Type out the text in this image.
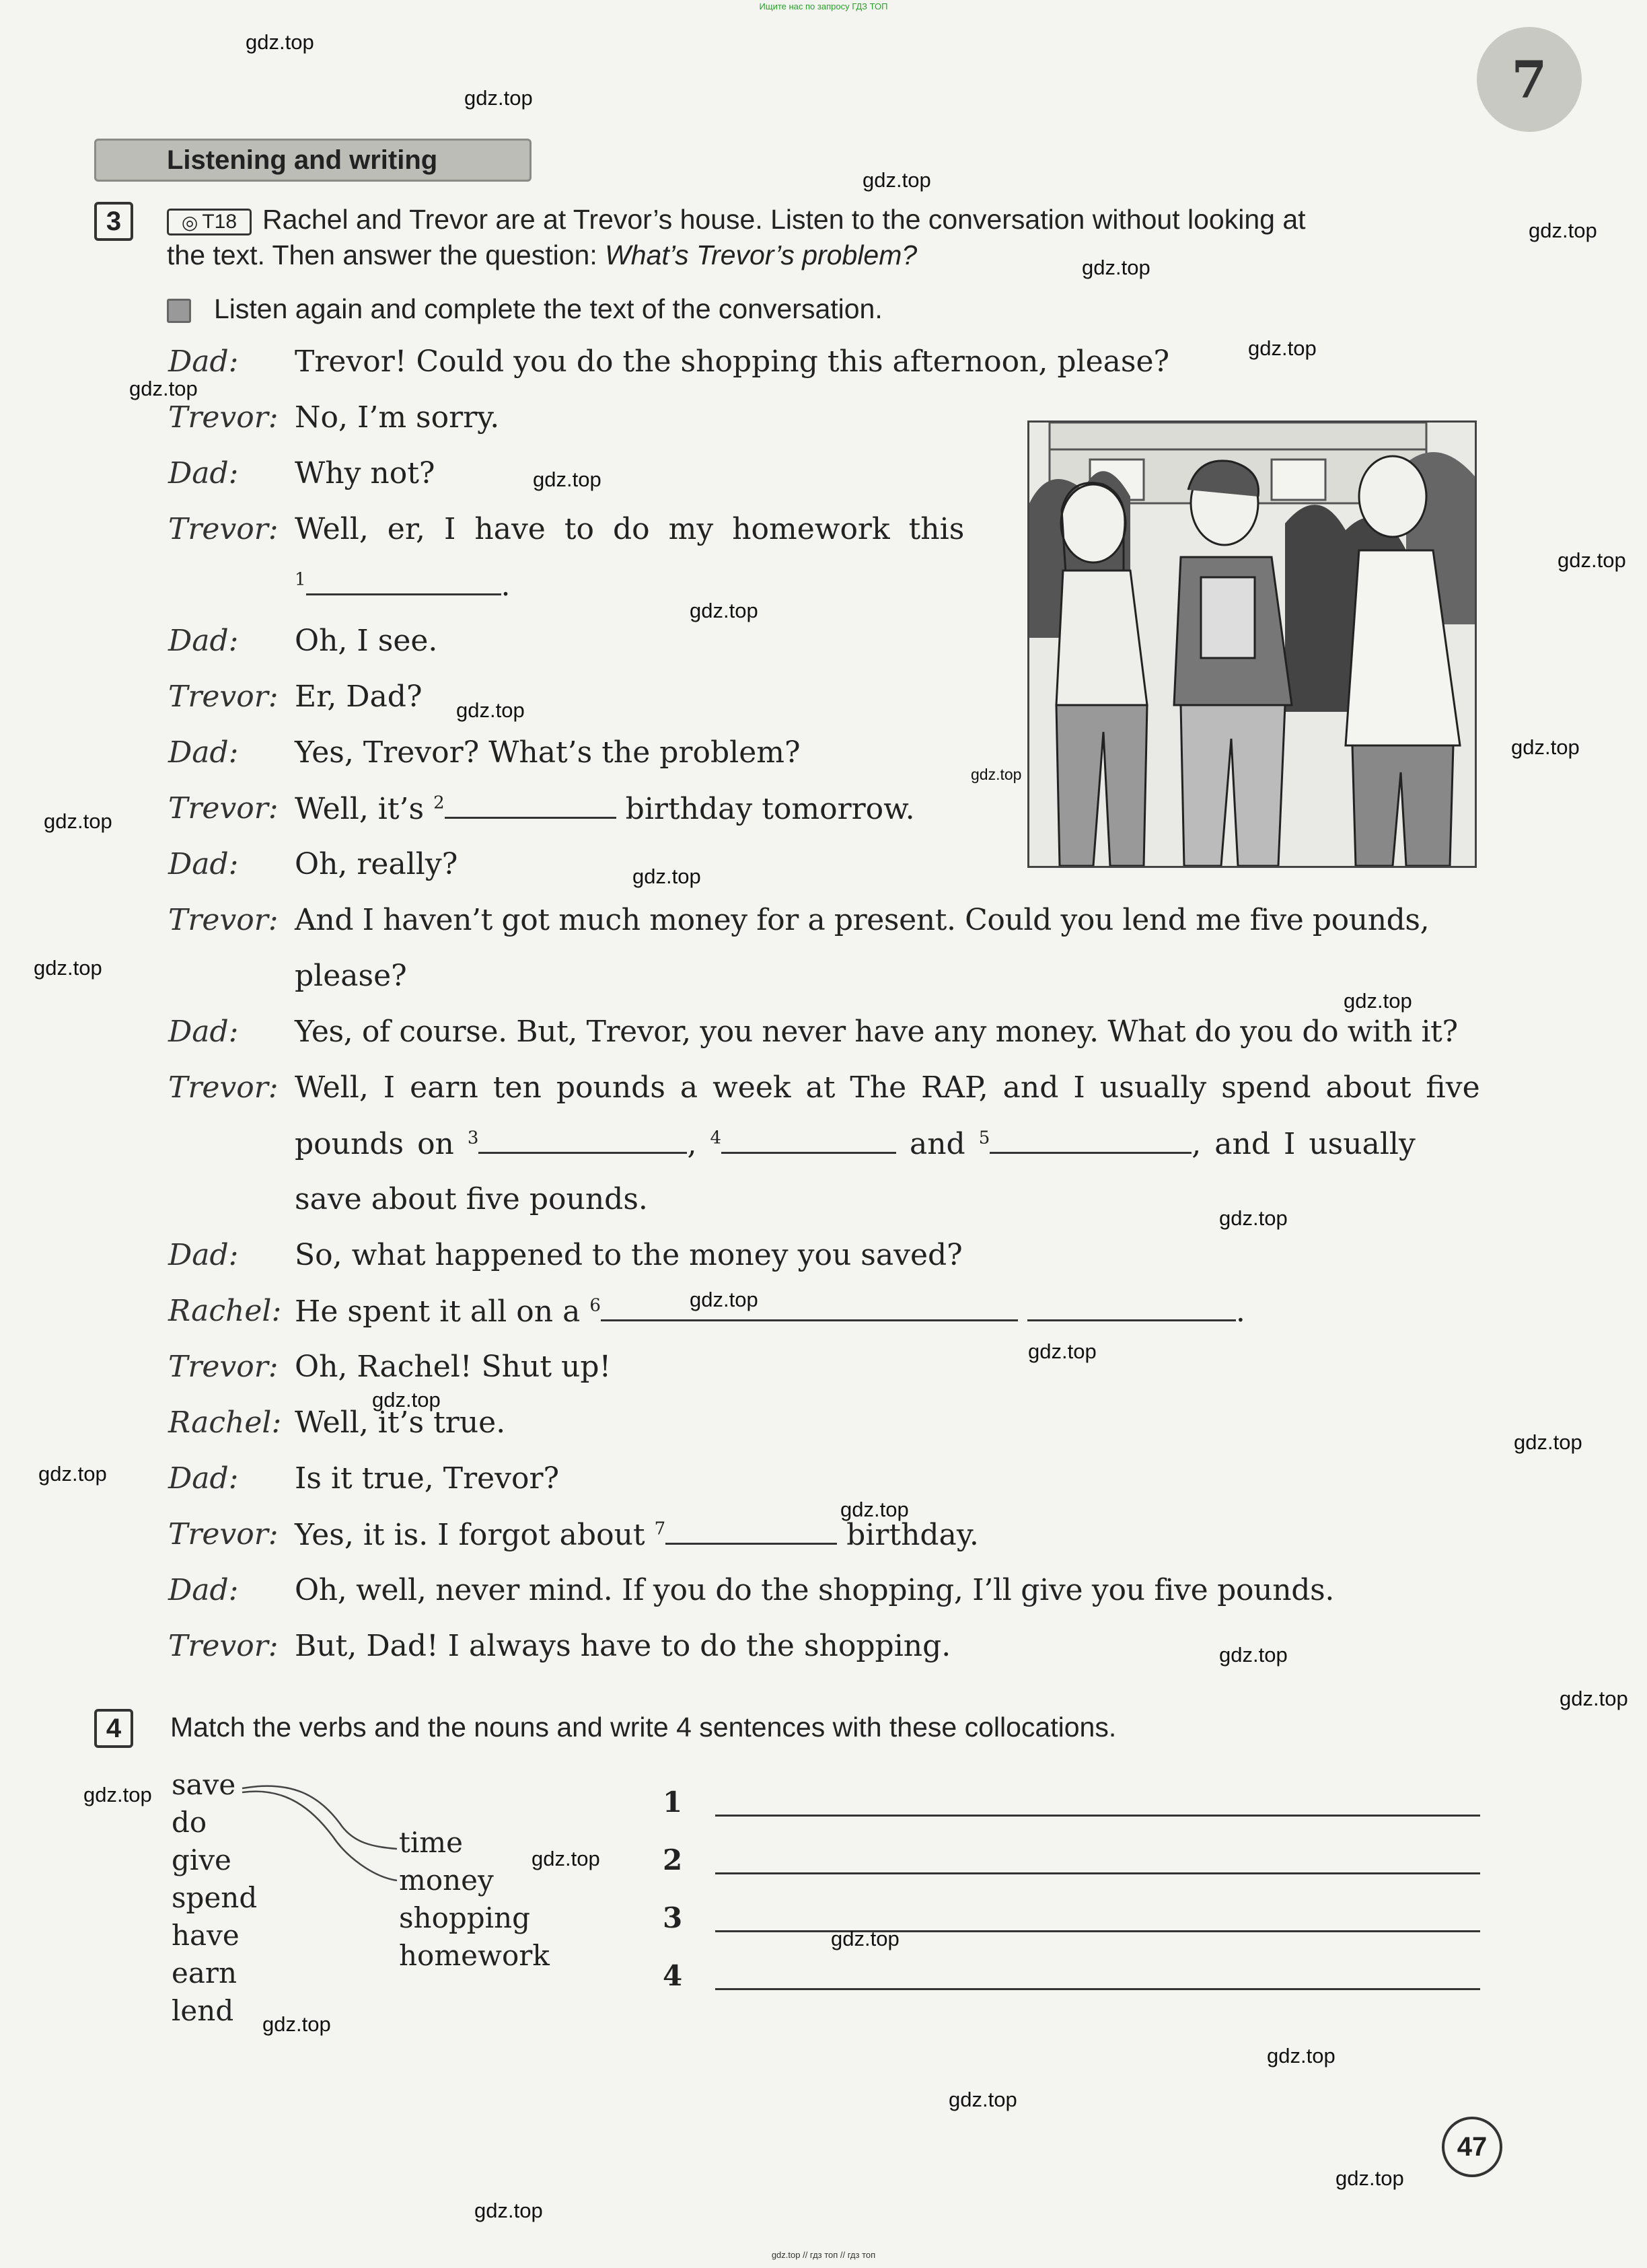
Ищите нас по запросу ГДЗ ТОП
7
Listening and writing
3	◎ T18 Rachel and Trevor are at Trevor’s house. Listen to the conversation without looking at
the text. Then answer the question: What’s Trevor’s problem?
Listen again and complete the text of the conversation.
Dad: Trevor! Could you do the shopping this afternoon, please?
Trevor: No, I’m sorry.
Dad: Why not?
Trevor: Well, er, I have to do my homework this
$^1$	.
Dad: Oh, I see.
Trevor: Er, Dad?
Dad: Yes, Trevor? What’s the problem?
Trevor: Well, it’s $^2$	birthday tomorrow.
Dad: Oh, really?
Trevor: And I haven’t got much money for a present. Could you lend me five pounds,
please?
Dad: Yes, of course. But, Trevor, you never have any money. What do you do with it?
Trevor: Well, I earn ten pounds a week at The RAP, and I usually spend about five
pounds on $^3$	, $^4$	and $^5$	, and I usually
save about five pounds.
Dad: So, what happened to the money you saved?
Rachel: He spent it all on a $^6$	.
Trevor: Oh, Rachel! Shut up!
Rachel: Well, it’s true.
Dad: Is it true, Trevor?
Trevor: Yes, it is. I forgot about $^7$	birthday.
Dad: Oh, well, never mind. If you do the shopping, I’ll give you five pounds.
Trevor: But, Dad! I always have to do the shopping.
4	Match the verbs and the nouns and write 4 sentences with these collocations.
save
do
give
spend
have
earn
lend
time
money
shopping
homework
1
2
3
4
47
gdz.top
gdz.top
gdz.top
gdz.top
gdz.top
gdz.top
gdz.top
gdz.top
gdz.top
gdz.top
gdz.top
gdz.top
gdz.top
gdz.top
gdz.top
gdz.top
gdz.top
gdz.top
gdz.top
gdz.top
gdz.top
gdz.top
gdz.top
gdz.top
gdz.top
gdz.top
gdz.top
gdz.top
gdz.top
gdz.top
gdz.top
gdz.top
gdz.top
gdz.top
gdz.top // гдз топ // гдз топ
